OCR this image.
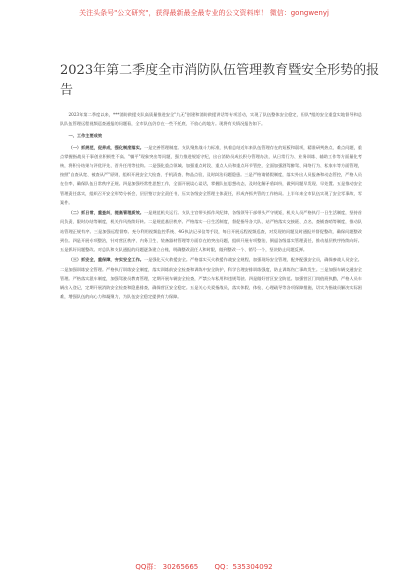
关注头条号"公文研究"，获得最新最全最专业的公文资料库！ 微信：gongwenyj
2023年第二季度全市消防队伍管理教育暨安全形势的报告

2023年第二季度以来，***消防救援支队高质量推进安全"九无"创建和消防救援讲话等专项活动，实现了队伍整体安全稳定，但队*组的安全重盘实地督导和总队队伍管理远程视频巡查通报的问题看，全市队伍仍存在一些不托底、不放心的地方。现将有关情况报告如下。

一、工作主要成效

（一）抓规范，促养成，强化制度落实。一是完善管理制度。支队聚焦战斗力标准，执着总结近年来队伍管理存在的短板和弱项，精准研判热点、难点问题，重点掌握指战员干事创业积极性不高、"躺平"现象突出等问题，强力推进规矩守纪，出台消防员成长积分管理办法，从日常行为、业务训练、辅助工作等方面量化考核，将积分结果与评优评先、晋升任用等挂钩。二是强化重点领域。加强重点时段、重点人员和重点环节管控，全面加强酒驾醉驾、网络行为、私家车等方面管理，按照"自查从宽、被查从严"原则，组织开展安全大检查、手机清查、物品点验，及时纠治问题隐患。三是严格请销假制度，落实外出人员报备和动态管控，严格人员在位率，确保队伍日常秩序正规。四是加强经常性思想工作，全面开展谈心谈话，掌握队伍思想动态，及时化解矛盾纠纷，做到问题早发现、早处置。五是推动安全管理责任落实，组织召开安全形势分析会，层层签订安全责任书，压实各级安全管理主体责任，形成齐抓共管的工作格局。上半年来全市队伍实现了安全零事故、零案件。

（二）抓日常，重查纠，提高管理质效。一是规范机关运行。支队主官带头抓作风纪律，各级领导干部带头严守规矩，机关人员严格执行一日生活制度，坚持首问负责、限时办结等制度，机关作风持续好转。二是规范基层秩序。严格落实一日生活制度，督促指导各大队、站严格落实交接班、点名、查铺查哨等制度，推动队站管理正规有序。三是加强远程督察。充分利用视频监控系统、4G执法记录仪等手段，每日开展远程视频巡查，对发现的问题及时通报并督促整改，确保问题整改到位。四是开展专项整治，针对营区秩序、内务卫生、装备器材管理等方面存在的突出问题，组织开展专项整治，倒逼各级落实管理责任，推动基层秩序持续向好。五是抓好问题整改。对总队和支队通报的问题逐条建立台账，明确整改责任人和时限，做到整改一个、销号一个，坚决防止问题反弹。

（三）抓安全，重保障，夯实安全工作。一是强化灭火救援安全。严格落实灭火救援作战安全规程，加强现场安全管理，配齐配强安全员，确保参战人员安全。二是加强训练安全管理。严格执行训练安全制度，落实训练前安全检查和训练中安全防护，科学合理安排训练强度，防止训练伤亡事故发生。三是加强车辆交通安全管理。严格落实派车制度，加强驾驶员教育管理，定期开展车辆安全检查，严禁公车私用和违规驾驶。四是做好营区安全防范。加强营区门岗值班执勤，严格人员车辆出入登记，定期开展消防安全检查和隐患排查，确保营区安全稳定。五是关心关爱指战员，落实休假、体检、心理疏导等各项保障措施，切实为指战员解决实际困难，增强队伍的向心力和凝聚力，为队伍安全稳定提供有力保障。

QQ群： 30265665 QQ：535304092
